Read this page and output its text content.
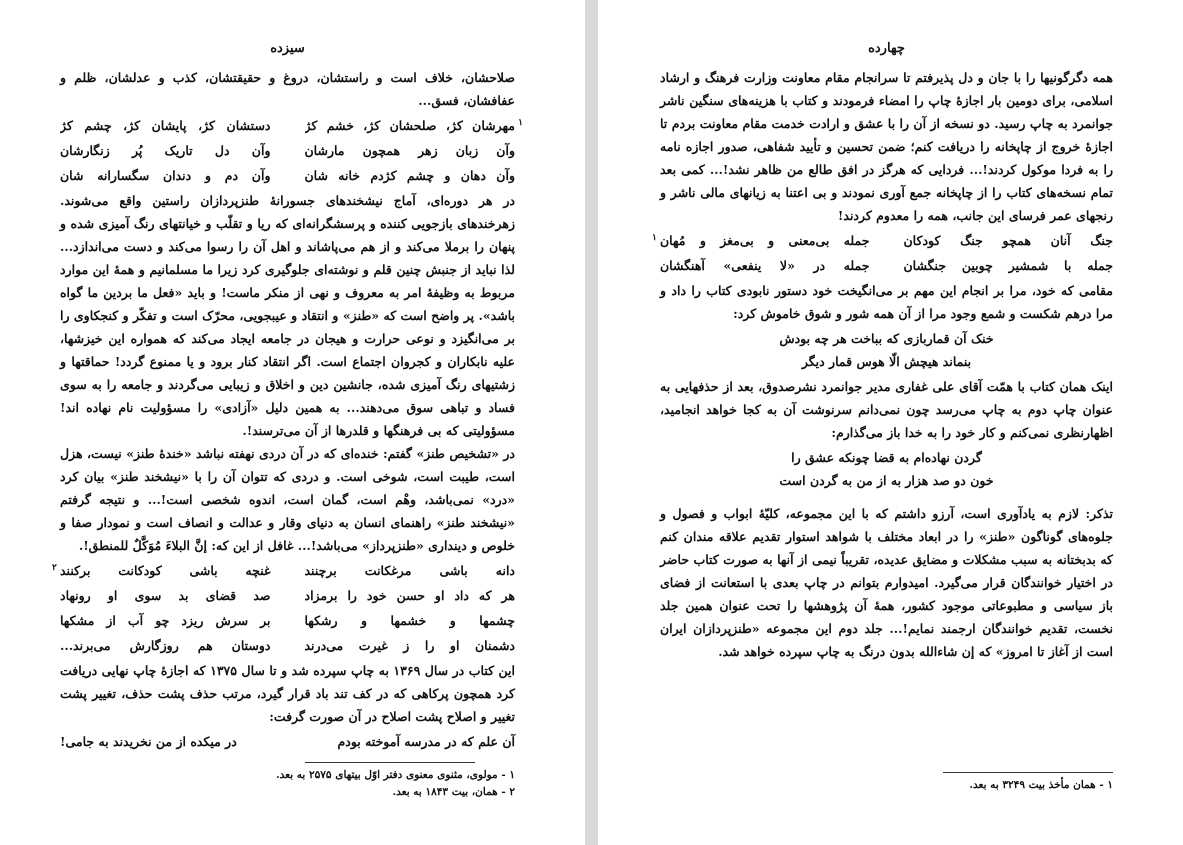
سیزده

صلاحشان، خلاف است و راستشان، دروغ و حقیقتشان، کذب و عدلشان، ظلم و عفافشان، فسق...

۱
مهرشان کژ، صلحشان کژ، خشم کژ
دستشان کژ، پایشان کژ، چشم کژ
وآن زبان زهر همچون مارشان
وآن دل تاریک پُر زنگارشان
وآن دهان و چشم کژدم خانه شان
وآن دم و دندان سگسارانه شان

در هر دوره‌ای، آماج نیشخندهای جسورانهٔ طنزپردازان راستین واقع می‌شوند. زهرخندهای بازجویی کننده و پرسشگرانه‌ای که ریا و تقلّب و خیانتهای رنگ آمیزی شده و پنهان را برملا می‌کند و از هم می‌پاشاند و اهل آن را رسوا می‌کند و دست می‌اندازد... لذا نباید از جنبش چنین قلم و نوشته‌ای جلوگیری کرد زیرا ما مسلمانیم و همهٔ این موارد مربوط به وظیفهٔ امر به معروف و نهی از منکر ماست! و باید «فعل ما بردین ما گواه باشد». پر واضح است که «طنز» و انتقاد و عیبجویی، محرّک است و تفکّر و کنجکاوی را بر می‌انگیزد و نوعی حرارت و هیجان در جامعه ایجاد می‌کند که همواره این خیزشها، علیه نابکاران و کجروان اجتماع است. اگر انتقاد کنار برود و یا ممنوع گردد! حماقتها و زشتیهای رنگ آمیزی شده، جانشین دین و اخلاق و زیبایی می‌گردند و جامعه را به سوی فساد و تباهی سوق می‌دهند... به همین دلیل «آزادی» را مسؤولیت نام نهاده اند! مسؤولیتی که بی فرهنگها و قلدرها از آن می‌ترسند!.

در «تشخیص طنز» گفتم: خنده‌ای که در آن دردی نهفته نباشد «خندهٔ طنز» نیست، هزل است، طیبت است، شوخی است. و دردی که تتوان آن را با «نیشخند طنز» بیان کرد «درد» نمی‌باشد، وهْم است، گمان است، اندوه شخصی است!... و نتیجه گرفتم «نیشخند طنز» راهنمای انسان به دنیای وقار و عدالت و انصاف است و نمودار صفا و خلوص و دینداری «طنزپرداز» می‌باشد!... غافل از این که: إنَّ البلاءَ مُوَکَّلٌ للمنطق!.

۲	دانه باشی مرغکانت برچنند
غنچه باشی کودکانت برکنند
هر که داد او حسن خود را برمزاد
صد قضای بد سوی او رونهاد
چشمها و خشمها و رشکها
بر سرش ریزد چو آب از مشکها
دشمنان او را ز غیرت می‌درند
دوستان هم روزگارش می‌برند...

این کتاب در سال ۱۳۶۹ به چاپ سپرده شد و تا سال ۱۳۷۵ که اجازهٔ چاپ نهایی دریافت کرد همچون پرکاهی که در کف تند باد قرار گیرد، مرتب حذف پشت حذف، تغییر پشت تغییر و اصلاح پشت اصلاح در آن صورت گرفت:

آن علم که در مدرسه آموخته بودم
در میکده از من نخریدند به جامی!
۱ - مولوی، مثنوی معنوی دفتر اوّل بیتهای ۲۵۷۵ به بعد.
۲ - همان، بیت ۱۸۴۳ به بعد.
چهارده

همه دگرگونیها را با جان و دل پذیرفتم تا سرانجام مقام معاونت وزارت فرهنگ و ارشاد اسلامی، برای دومین بار اجازهٔ چاپ را امضاء فرمودند و کتاب با هزینه‌های سنگین ناشر جوانمرد به چاپ رسید. دو نسخه از آن را با عشق و ارادت خدمت مقام معاونت بردم تا اجازهٔ خروج از چاپخانه را دریافت کنم؛ ضمن تحسین و تأیید شفاهی، صدور اجازه نامه را به فردا موکول کردند!... فردایی که هرگز در افق طالع من ظاهر نشد!... کمی بعد تمام نسخه‌های کتاب را از چاپخانه جمع آوری نمودند و بی اعتنا به زیانهای مالی ناشر و رنجهای عمر فرسای این جانب، همه را معدوم کردند!

۱	جنگ آنان همچو جنگ کودکان
جمله بی‌معنی و بی‌مغز و مُهان
جمله با شمشیر چوبین جنگشان
جمله در «لا ینفعی» آهنگشان

مقامی که خود، مرا بر انجام این مهم بر می‌انگیخت خود دستور نابودی کتاب را داد و مرا درهم شکست و شمع وجود مرا از آن همه شور و شوق خاموش کرد:

خنک آن قماربازی که بباخت هر چه بودش
بنماند هیچش الّا هوس قمار دیگر

اینک همان کتاب با همّت آقای علی غفاری مدیر جوانمرد نشرصدوق، بعد از حذفهایی به عنوان چاپ دوم به چاپ می‌رسد چون نمی‌دانم سرنوشت آن به کجا خواهد انجامید، اظهارنظری نمی‌کنم و کار خود را به خدا باز می‌گذارم:

گردن نهاده‌ام به قضا چونکه عشق را
خون دو صد هزار به از من به گردن است

تذکر: لازم به یادآوری است، آرزو داشتم که با این مجموعه، کلیّهٔ ابواب و فصول و جلوه‌های گوناگون «طنز» را در ابعاد مختلف با شواهد استوار تقدیم علاقه مندان کنم که بدبختانه به سبب مشکلات و مضایق عدیده، تقریباً نیمی از آنها به صورت کتاب حاضر در اختیار خوانندگان قرار می‌گیرد. امیدوارم بتوانم در چاپ بعدی با استعانت از فضای باز سیاسی و مطبوعاتی موجود کشور، همهٔ آن پژوهشها را تحت عنوان همین جلد نخست، تقدیم خوانندگان ارجمند نمایم!... جلد دوم این مجموعه «طنزپردازان ایران است از آغاز تا امروز» که إن شاءالله بدون درنگ به چاپ سپرده خواهد شد.

۱ - همان مأخذ بیت ۳۲۴۹ به بعد.
